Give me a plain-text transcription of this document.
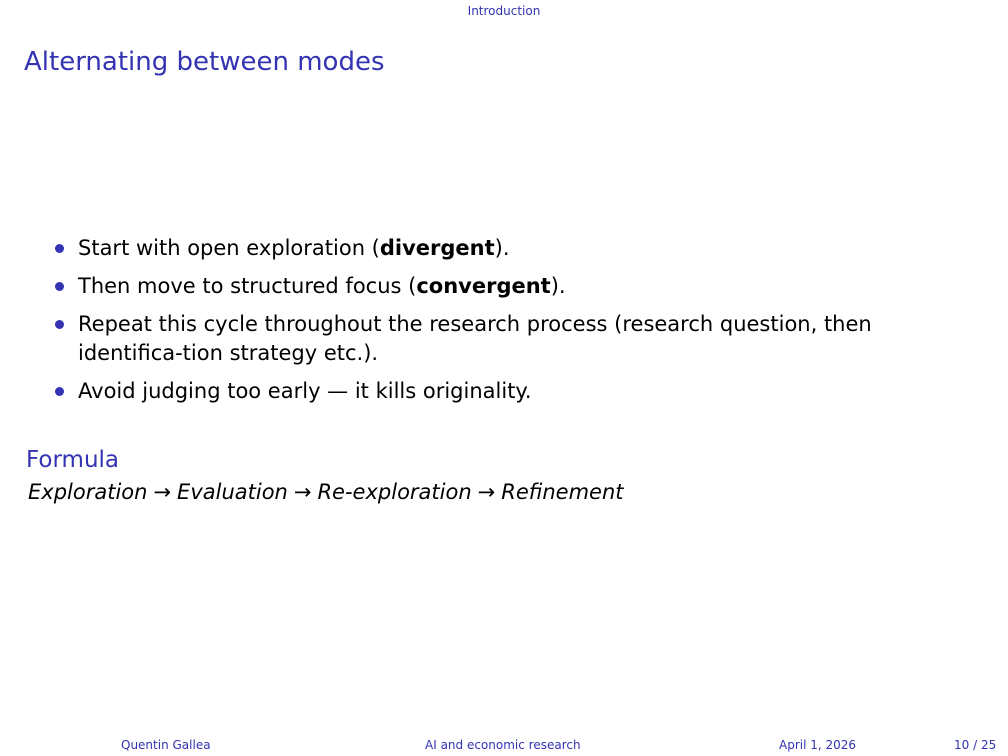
Introduction
Alternating between modes
Start with open exploration (divergent).
Then move to structured focus (convergent).
Repeat this cycle throughout the research process (research question, then identifica-tion strategy etc.).
Avoid judging too early — it kills originality.
Formula
Exploration → Evaluation → Re-exploration → Refinement
Quentin Gallea	AI and economic research	April 1, 2026	10 / 25
